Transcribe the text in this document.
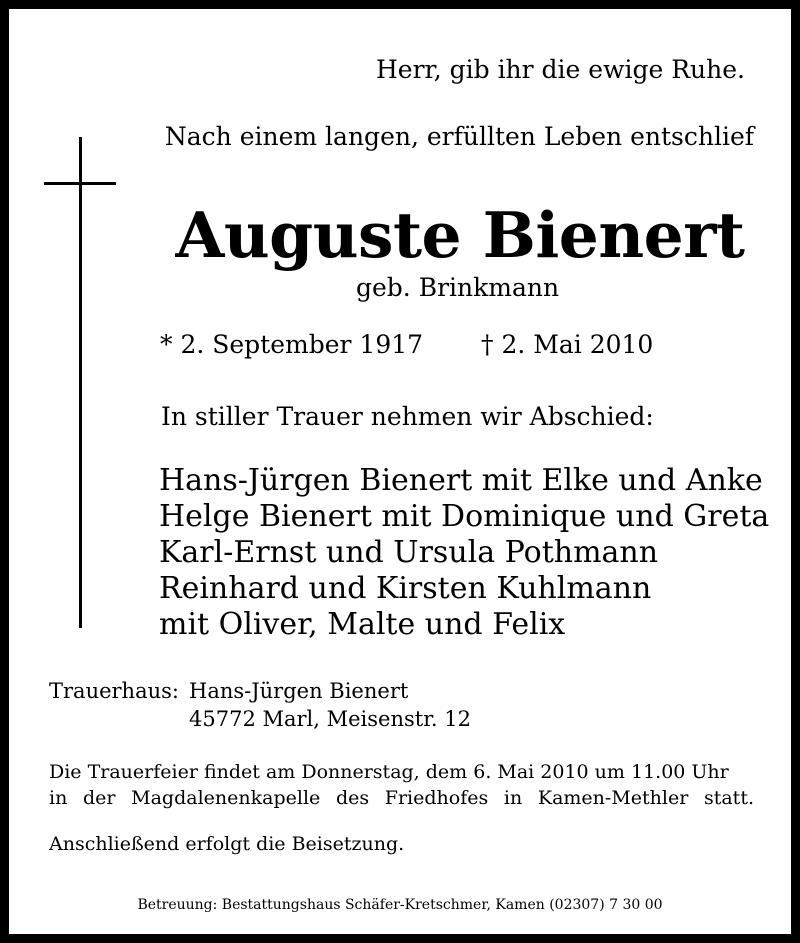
Herr, gib ihr die ewige Ruhe.
Nach einem langen, erfüllten Leben entschlief
Auguste Bienert
geb. Brinkmann
* 2. September 1917 † 2. Mai 2010
In stiller Trauer nehmen wir Abschied:
Hans-Jürgen Bienert mit Elke und Anke
Helge Bienert mit Dominique und Greta
Karl-Ernst und Ursula Pothmann
Reinhard und Kirsten Kuhlmann
mit Oliver, Malte und Felix
Trauerhaus: Hans-Jürgen Bienert
45772 Marl, Meisenstr. 12
Die Trauerfeier findet am Donnerstag, dem 6. Mai 2010 um 11.00 Uhr
in der Magdalenenkapelle des Friedhofes in Kamen-Methler statt.
Anschließend erfolgt die Beisetzung.
Betreuung: Bestattungshaus Schäfer-Kretschmer, Kamen (02307) 7 30 00
